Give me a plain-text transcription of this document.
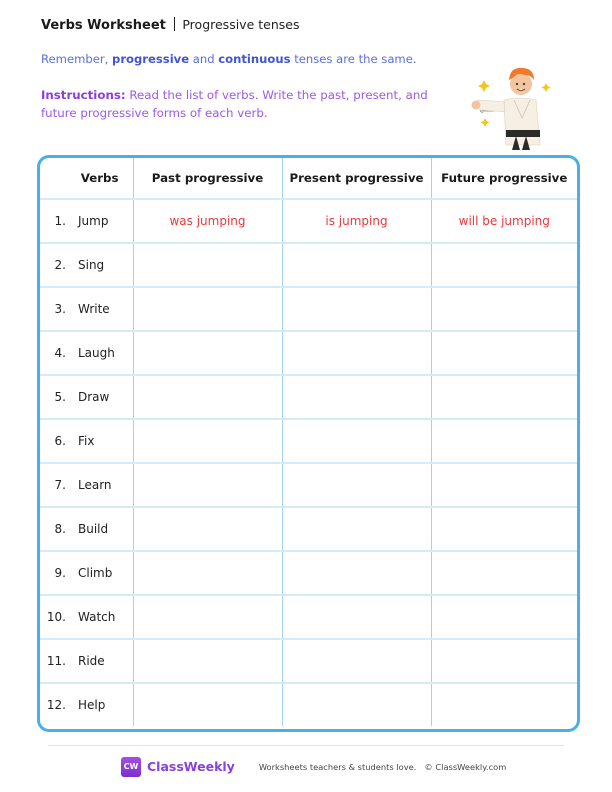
Verbs Worksheet Progressive tenses
Remember, progressive and continuous tenses are the same.
Instructions: Read the list of verbs. Write the past, present, and future progressive forms of each verb.
Verbs	Past progressive	Present progressive	Future progressive
1. Jump	was jumping	is jumping	will be jumping
2. Sing			
3. Write			
4. Laugh			
5. Draw			
6. Fix			
7. Learn			
8. Build			
9. Climb			
10. Watch			
11. Ride			
12. Help			
CW ClassWeekly	Worksheets teachers & students love. © ClassWeekly.com
